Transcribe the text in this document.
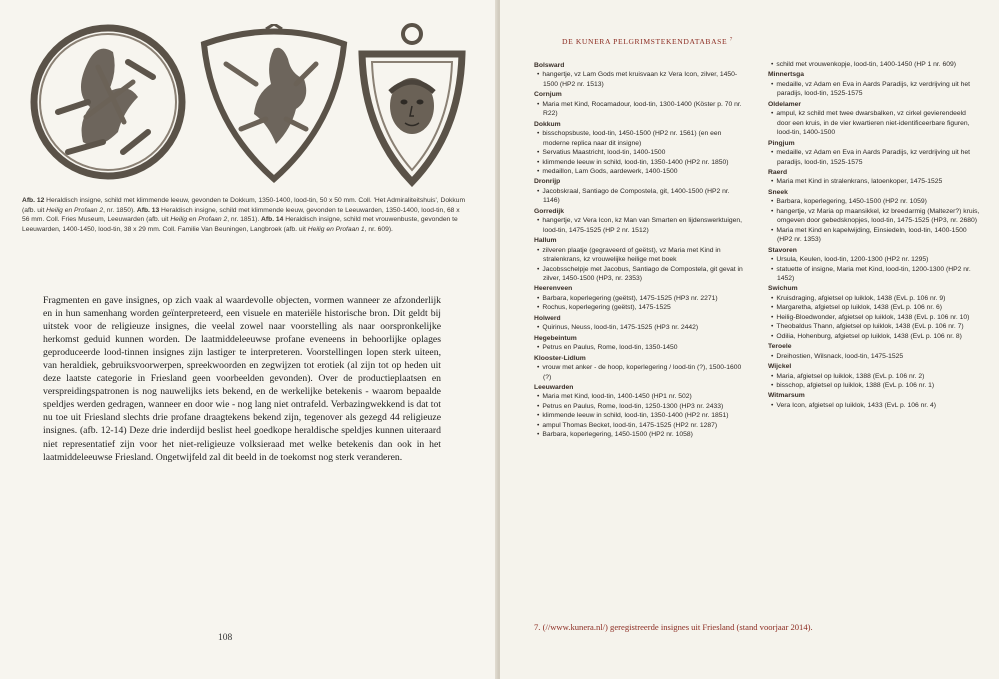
Afb. 12 Heraldisch insigne, schild met klimmende leeuw, gevonden te Dokkum, 1350-1400, lood-tin, 50 x 50 mm. Coll. 'Het Admiraliteitshuis', Dokkum (afb. uit Heilig en Profaan 2, nr. 1850). Afb. 13 Heraldisch insigne, schild met klimmende leeuw, gevonden te Leeuwarden, 1350-1400, lood-tin, 68 x 56 mm. Coll. Fries Museum, Leeuwarden (afb. uit Heilig en Profaan 2, nr. 1851). Afb. 14 Heraldisch insigne, schild met vrouwenbuste, gevonden te Leeuwarden, 1400-1450, lood-tin, 38 x 29 mm. Coll. Familie Van Beuningen, Langbroek (afb. uit Heilig en Profaan 1, nr. 609).
Fragmenten en gave insignes, op zich vaak al waardevolle objecten, vormen wanneer ze afzonderlijk en in hun samenhang worden geïnterpreteerd, een visuele en materiële historische bron. Dit geldt bij uitstek voor de religieuze insignes, die veelal zowel naar voorstelling als naar oorspronkelijke herkomst geduid kunnen worden. De laatmiddeleeuwse profane eveneens in behoorlijke oplages geproduceerde lood-tinnen insignes zijn lastiger te interpreteren. Voorstellingen lopen sterk uiteen, van heraldiek, gebruiksvoorwerpen, spreekwoorden en zegwijzen tot erotiek (al zijn tot op heden uit deze laatste categorie in Friesland geen voorbeelden gevonden). Over de productieplaatsen en verspreidingspatronen is nog nauwelijks iets bekend, en de werkelijke betekenis - waarom bepaalde speldjes werden gedragen, wanneer en door wie - nog lang niet ontrafeld. Verbazingwekkend is dat tot nu toe uit Friesland slechts drie profane draagtekens bekend zijn, tegenover als gezegd 44 religieuze insignes. (afb. 12-14) Deze drie inderdijd beslist heel goedkope heraldische speldjes kunnen uiteraard niet representatief zijn voor het niet-religieuze volksieraad met welke betekenis dan ook in het laatmiddeleeuwse Friesland. Ongetwijfeld zal dit beeld in de toekomst nog sterk veranderen.
108
DE KUNERA PELGRIMSTEKENDATABASE $^7$
Bolsward
• hangertje, vz Lam Gods met kruisvaan kz Vera Icon, zilver, 1450-1500 (HP2 nr. 1513)
Cornjum
• Maria met Kind, Rocamadour, lood-tin, 1300-1400 (Köster p. 70 nr. R22)
Dokkum
• bisschopsbuste, lood-tin, 1450-1500 (HP2 nr. 1561) (en een moderne replica naar dit insigne)
• Servatius Maastricht, lood-tin, 1400-1500
• klimmende leeuw in schild, lood-tin, 1350-1400 (HP2 nr. 1850)
• medaillon, Lam Gods, aardewerk, 1400-1500
Dronrijp
• Jacobskraal, Santiago de Compostela, git, 1400-1500 (HP2 nr. 1146)
Gorredijk
• hangertje, vz Vera Icon, kz Man van Smarten en lijdenswerktuigen, lood-tin, 1475-1525 (HP 2 nr. 1512)
Hallum
• zilveren plaatje (gegraveerd of geëtst), vz Maria met Kind in stralenkrans, kz vrouwelijke heilige met boek
• Jacobsschelpje met Jacobus, Santiago de Compostela, git gevat in zilver, 1450-1500 (HP3, nr. 2353)
Heerenveen
• Barbara, koperlegering (geëtst), 1475-1525 (HP3 nr. 2271)
• Rochus, koperlegering (geëtst), 1475-1525
Holwerd
• Quirinus, Neuss, lood-tin, 1475-1525 (HP3 nr. 2442)
Hegebeintum
• Petrus en Paulus, Rome, lood-tin, 1350-1450
Klooster-Lidlum
• vrouw met anker - de hoop, koperlegering / lood-tin (?), 1500-1600 (?)
Leeuwarden
• Maria met Kind, lood-tin, 1400-1450 (HP1 nr. 502)
• Petrus en Paulus, Rome, lood-tin, 1250-1300 (HP3 nr. 2433)
• klimmende leeuw in schild, lood-tin, 1350-1400 (HP2 nr. 1851)
• ampul Thomas Becket, lood-tin, 1475-1525 (HP2 nr. 1287)
• Barbara, koperlegering, 1450-1500 (HP2 nr. 1058)
• schild met vrouwenkopje, lood-tin, 1400-1450 (HP 1 nr. 609)
Minnertsga
• medaille, vz Adam en Eva in Aards Paradijs, kz verdrijving uit het paradijs, lood-tin, 1525-1575
Oldelamer
• ampul, kz schild met twee dwarsbalken, vz cirkel gevierendeeld door een kruis, in de vier kwartieren niet-identificeerbare figuren, lood-tin, 1400-1500
Pingjum
• medaille, vz Adam en Eva in Aards Paradijs, kz verdrijving uit het paradijs, lood-tin, 1525-1575
Raerd
• Maria met Kind in stralenkrans, latoenkoper, 1475-1525
Sneek
• Barbara, koperlegering, 1450-1500 (HP2 nr. 1059)
• hangertje, vz Maria op maansikkel, kz breedarmig (Maltezer?) kruis, omgeven door gebedsknopjes, lood-tin, 1475-1525 (HP3, nr. 2680)
• Maria met Kind en kapelwijding, Einsiedeln, lood-tin, 1400-1500 (HP2 nr. 1353)
Stavoren
• Ursula, Keulen, lood-tin, 1200-1300 (HP2 nr. 1295)
• statuette of insigne, Maria met Kind, lood-tin, 1200-1300 (HP2 nr. 1452)
Swichum
• Kruisdraging, afgietsel op luiklok, 1438 (EvL p. 106 nr. 9)
• Margaretha, afgietsel op luiklok, 1438 (EvL p. 106 nr. 6)
• Heilig-Bloedwonder, afgietsel op luiklok, 1438 (EvL p. 106 nr. 10)
• Theobaldus Thann, afgietsel op luiklok, 1438 (EvL p. 106 nr. 7)
• Odilia, Hohenburg, afgietsel op luiklok, 1438 (EvL p. 106 nr. 8)
Teroele
• Dreihostien, Wilsnack, lood-tin, 1475-1525
Wijckel
• Maria, afgietsel op luiklok, 1388 (EvL p. 106 nr. 2)
• bisschop, afgietsel op luiklok, 1388 (EvL p. 106 nr. 1)
Witmarsum
• Vera Icon, afgietsel op luiklok, 1433 (EvL p. 106 nr. 4)
7. (//www.kunera.nl/) geregistreerde insignes uit Friesland (stand voorjaar 2014).
